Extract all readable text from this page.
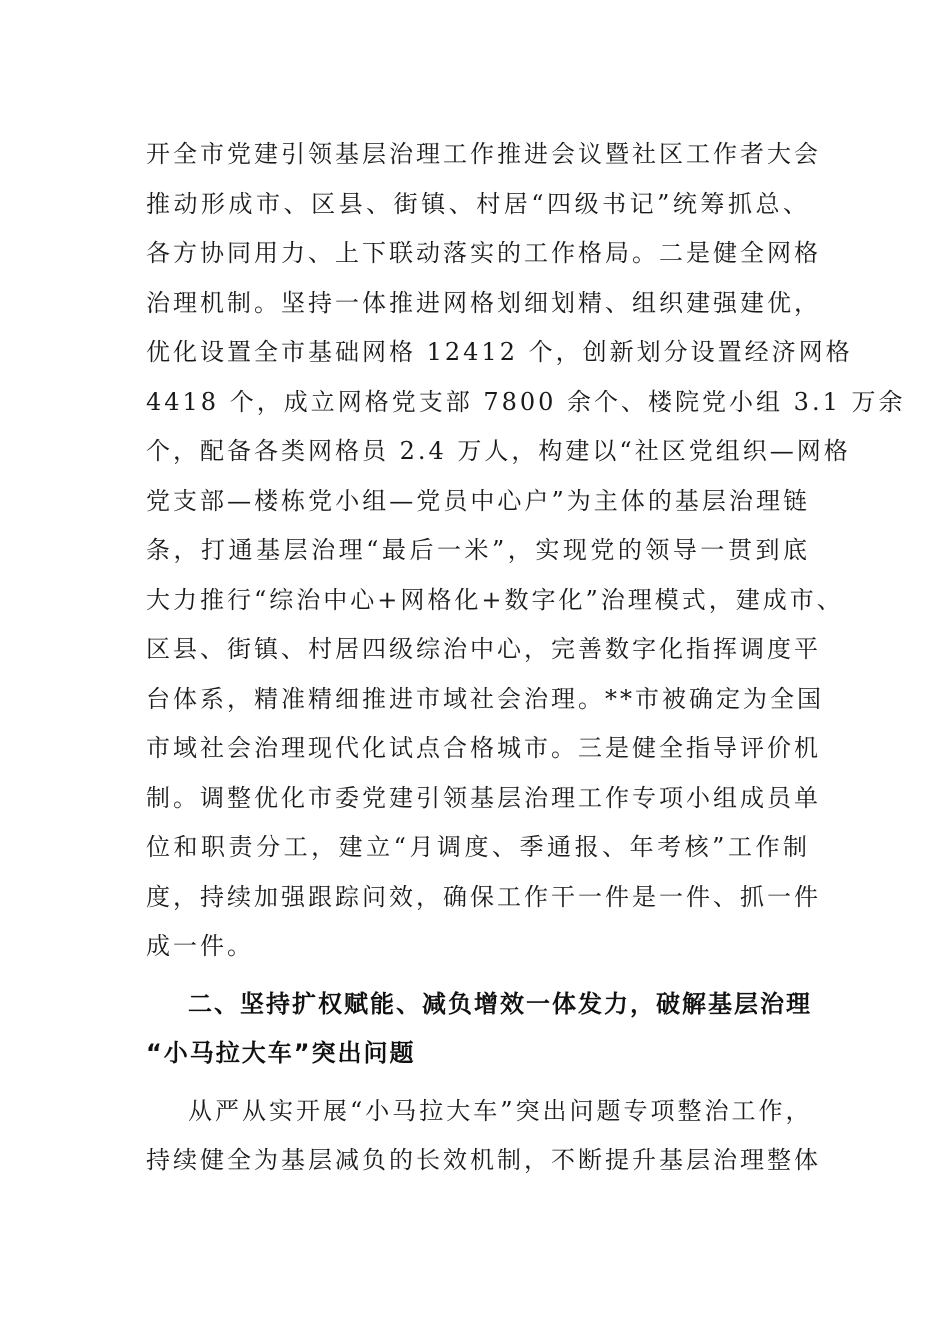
开全市党建引领基层治理工作推进会议暨社区工作者大会
推动形成市、区县、街镇、村居“四级书记”统筹抓总、
各方协同用力、上下联动落实的工作格局。二是健全网格
治理机制。坚持一体推进网格划细划精、组织建强建优，
优化设置全市基础网格 12412 个，创新划分设置经济网格
4418 个，成立网格党支部 7800 余个、楼院党小组 3.1 万余
个，配备各类网格员 2.4 万人，构建以“社区党组织—网格
党支部—楼栋党小组—党员中心户”为主体的基层治理链
条，打通基层治理“最后一米”，实现党的领导一贯到底
大力推行“综治中心+网格化+数字化”治理模式，建成市、
区县、街镇、村居四级综治中心，完善数字化指挥调度平
台体系，精准精细推进市域社会治理。**市被确定为全国
市域社会治理现代化试点合格城市。三是健全指导评价机
制。调整优化市委党建引领基层治理工作专项小组成员单
位和职责分工，建立“月调度、季通报、年考核”工作制
度，持续加强跟踪问效，确保工作干一件是一件、抓一件
成一件。
二、坚持扩权赋能、减负增效一体发力，破解基层治理
“小马拉大车”突出问题
从严从实开展“小马拉大车”突出问题专项整治工作，
持续健全为基层减负的长效机制，不断提升基层治理整体
